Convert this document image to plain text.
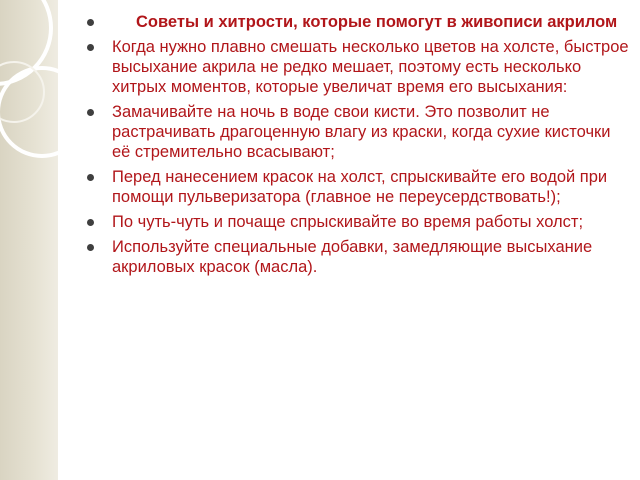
Советы и хитрости, которые помогут в живописи акрилом
Когда нужно плавно смешать несколько цветов на холсте, быстрое высыхание акрила не редко мешает, поэтому есть несколько хитрых моментов, которые увеличат время его высыхания:
Замачивайте на ночь в воде свои кисти. Это позволит не растрачивать драгоценную влагу из краски, когда сухие кисточки её стремительно всасывают;
Перед нанесением красок на холст, спрыскивайте его водой при помощи пульверизатора (главное не переусердствовать!);
По чуть-чуть и почаще спрыскивайте во время работы холст;
Используйте специальные добавки, замедляющие высыхание акриловых красок (масла).
